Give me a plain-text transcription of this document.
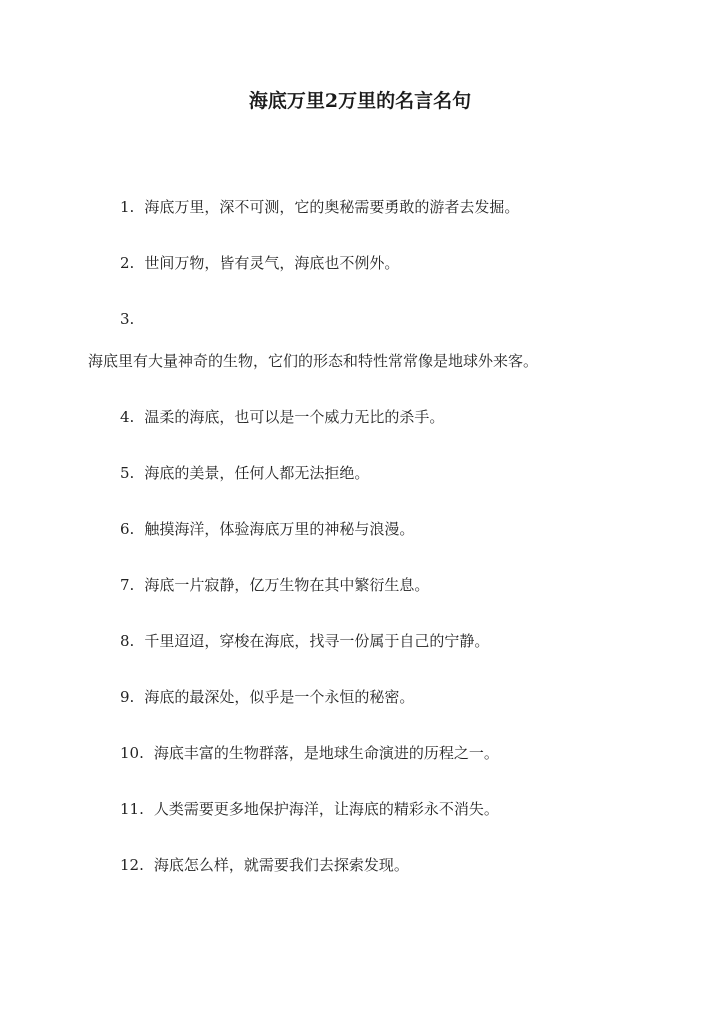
海底万里2万里的名言名句
1. 海底万里，深不可测，它的奥秘需要勇敢的游者去发掘。
2. 世间万物，皆有灵气，海底也不例外。
3.
海底里有大量神奇的生物，它们的形态和特性常常像是地球外来客。
4. 温柔的海底，也可以是一个威力无比的杀手。
5. 海底的美景，任何人都无法拒绝。
6. 触摸海洋，体验海底万里的神秘与浪漫。
7. 海底一片寂静，亿万生物在其中繁衍生息。
8. 千里迢迢，穿梭在海底，找寻一份属于自己的宁静。
9. 海底的最深处，似乎是一个永恒的秘密。
10. 海底丰富的生物群落，是地球生命演进的历程之一。
11. 人类需要更多地保护海洋，让海底的精彩永不消失。
12. 海底怎么样，就需要我们去探索发现。
